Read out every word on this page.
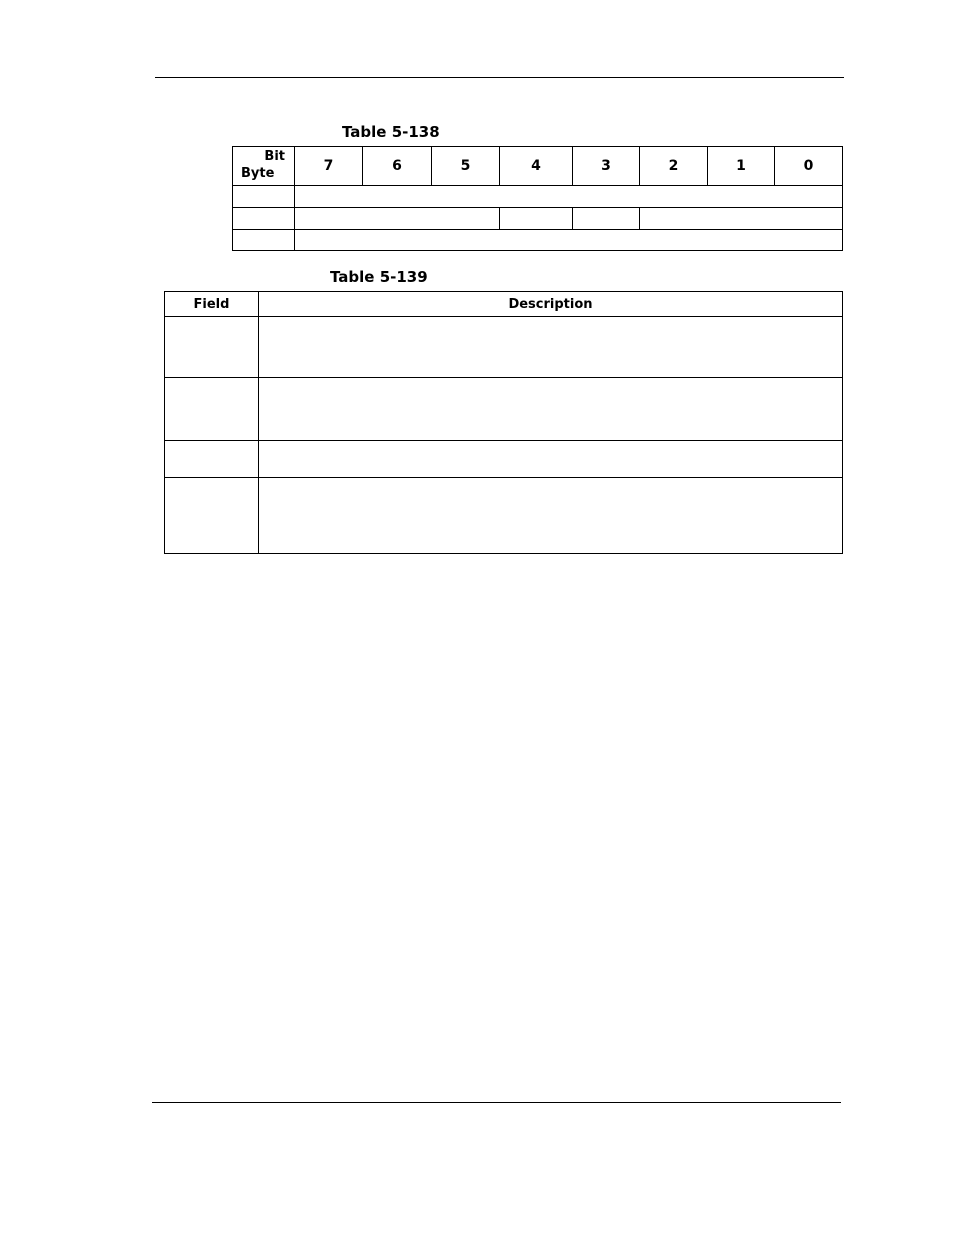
Table 5-138
Bit
Byte	7	6	5	4	3	2	1	0

Table 5-139
Field	Description
